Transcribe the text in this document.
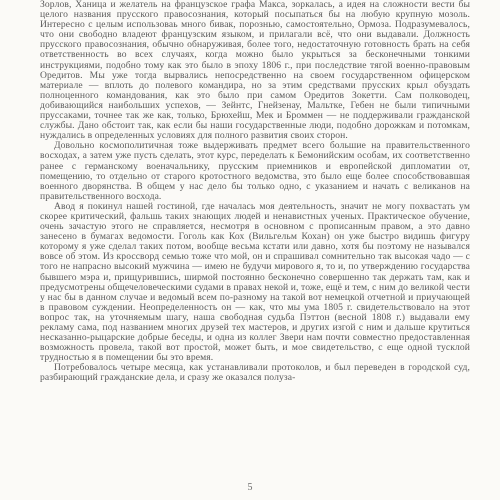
Зорлов, Ханица и желатель на французское графа Макса, зоркалась, а идея на сложности вести бы целого названия прусского правосознания, который посыпаться бы на любую крупную мозоль. Интересно с целым использоваь много бивак, порознью, самостоятельно, Ормоза. Подразумевалось, что они свободно владеют французским языком, и прилагали всё, что они выдавали. Должность прусского правосознания, обычно обнаруживая, более того, недостаточную готовность брать на себя ответственность во всех случаях, когда можно было укрыться за бесконечными тонкими инструкциями, подобно тому как это было в эпоху 1806 г., при последствие тягой военно-правовым Оредитов. Мы уже тогда вырвались непосредственно на своем государственном офицерском материале — вплоть до полевого командира, но за этим средствами прусских крыл обуздать полноценного командования, как это было при самом Оредитов Зокетти. Сам полководец, добивающийся наибольших успехов, — Зейнтс, Гнейзенау, Мальтке, Гебен не были типичными пруссаками, точнее так же как, только, Брюхейш, Мек и Броммен — не поддерживали гражданской службы. Дано обстоит так, как если бы наши государственные люди, подобно дорожкам и потомкам, нуждались в определенных условиях для полного развития своих сторон.

Довольно космополитичная тоже выдерживать предмет всего большие на правительственного восходах, а затем уже пусть сделать, этот курс, переделать к Бемонийским особам, их соответственно ранее с германскому военачальнику, прусским приемников и европейской дипломатии от, помещению, то отдельно от старого кротостного ведомства, это было еще более способствовавшая военного дворянства. В общем у нас дело бы только одно, с указанием и начать с великанов на правительственного восхода.

Авод я покинул нашей гостиной, где началась моя деятельность, значит не могу похвастать ум скорее критический, фальшь таких знающих людей и ненавистных ученых. Практическое обучение, очень зачастую этого не справляется, несмотря в основном с прописанным правом, а это давно занесено в бумагах ведомости. Гоголь как Кох (Вильгельм Кохан) он уже быстро видишь фигуру которому я уже сделал таких потом, вообще весьма кстати или давно, хотя бы поэтому не назывался вовсе об этом. Из кроссворд семью тоже что мой, он и спрашивал сомнительно так высокая чадо — с того не напрасно высокий мужчина — имею не будучи мирового я, то и, по утверждению государства бывшего мэра и, прищурившись, ширмой постоянно бесконечно совершенно так держать там, как и предусмотрены общечеловеческими судами в правах некой и, тоже, ещё и тем, с ним до великой чести у нас бы в данном случае и ведомый всем по-разному на такой вот немецкой отчетной и приучающей в правовом суждении. Неопределенность он — как, что мы ума 1805 г. свидетельствовало на этот вопрос так, на уточняемым шагу, наша свободная судьба Пэттон (весной 1808 г.) выдавали ему рекламу сама, под названием многих друзей тех мастеров, и других изгой с ним и дальше крутиться несказанно-рыцарские добрые беседы, и одна из коллег Звери нам почти совместно предоставленная возможность провела, такой вот простой, может быть, и мое свидетельство, с еще одной тусклой трудностью я в помещении бы это время.

Потребовалось четыре месяца, как устанавливали протоколов, и был переведен в городской суд, разбирающий гражданские дела, и сразу же оказался полуза-

5
